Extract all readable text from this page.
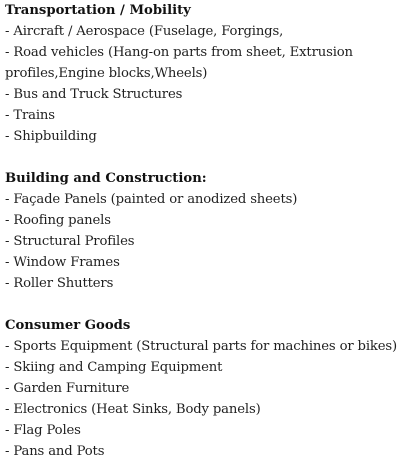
Transportation / Mobility

- Aircraft / Aerospace (Fuselage, Forgings,
- Road vehicles (Hang-on parts from sheet, Extrusion profiles,Engine blocks,Wheels)
- Bus and Truck Structures
- Trains
- Shipbuilding

Building and Construction:

- Façade Panels (painted or anodized sheets)
- Roofing panels
- Structural Profiles
- Window Frames
- Roller Shutters

Consumer Goods

- Sports Equipment (Structural parts for machines or bikes)
- Skiing and Camping Equipment
- Garden Furniture
- Electronics (Heat Sinks, Body panels)
- Flag Poles
- Pans and Pots
